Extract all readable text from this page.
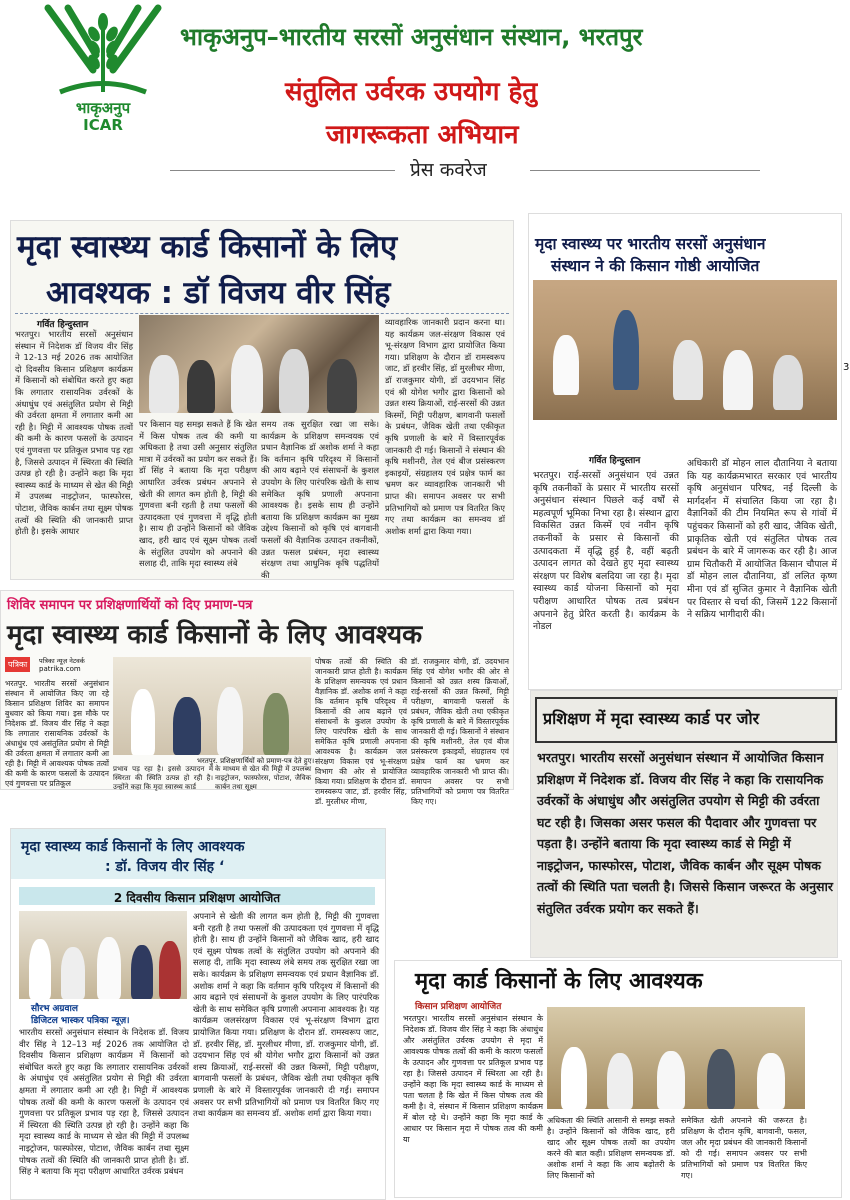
भाकृअनुप
ICAR
भाकृअनुप–भारतीय सरसों अनुसंधान संस्थान, भरतपुर
संतुलित उर्वरक उपयोग हेतु
जागरूकता अभियान
प्रेस कवरेज
मृदा स्वास्थ्य कार्ड किसानों के लिए
आवश्यक : डॉ विजय वीर सिंह
गर्वित हिन्दुस्तान
भरतपुर। भारतीय सरसों अनुसंधान संस्थान में निदेशक डॉ विजय वीर सिंह ने 12-13 मई 2026 तक आयोजित दो दिवसीय किसान प्रशिक्षण कार्यक्रम में किसानों को संबोधित करते हुए कहा कि लगातार रासायनिक उर्वरकों के अंधाधुंध एवं असंतुलित प्रयोग से मिट्टी की उर्वरता क्षमता में लगातार कमी आ रही है। मिट्टी में आवश्यक पोषक तत्वों की कमी के कारण फसलों के उत्पादन एवं गुणवत्ता पर प्रतिकूल प्रभाव पड़ रहा है, जिससे उत्पादन में स्थिरता की स्थिति उत्पन्न हो रही है। उन्होंने कहा कि मृदा स्वास्थ्य कार्ड के माध्यम से खेत की मिट्टी में उपलब्ध नाइट्रोजन, फास्फोरस, पोटाश, जैविक कार्बन तथा सूक्ष्म पोषक तत्वों की स्थिति की जानकारी प्राप्त होती है। इसके आधार
पर किसान यह समझ सकते हैं कि खेत में किस पोषक तत्व की कमी या अधिकता है तथा उसी अनुसार संतुलित मात्रा में उर्वरकों का प्रयोग कर सकते हैं। डॉ सिंह ने बताया कि मृदा परीक्षण आधारित उर्वरक प्रबंधन अपनाने से खेती की लागत कम होती है, मिट्टी की गुणवत्ता बनी रहती है तथा फसलों की उत्पादकता एवं गुणवत्ता में वृद्धि होती है। साथ ही उन्होंने किसानों को जैविक खाद, हरी खाद एवं सूक्ष्म पोषक तत्वों के संतुलित उपयोग को अपनाने की सलाह दी, ताकि मृदा स्वास्थ्य लंबे
समय तक सुरक्षित रखा जा सके। कार्यक्रम के प्रशिक्षण समन्वयक एवं प्रधान वैज्ञानिक डॉ अशोक शर्मा ने कहा कि वर्तमान कृषि परिदृश्य में किसानों की आय बढ़ाने एवं संसाधनों के कुशल उपयोग के लिए पारंपरिक खेती के साथ समेकित कृषि प्रणाली अपनाना आवश्यक है। इसके साथ ही उन्होंने बताया कि प्रशिक्षण कार्यक्रम का मुख्य उद्देश्य किसानों को कृषि एवं बागवानी फसलों की वैज्ञानिक उत्पादन तकनीकों, उन्नत फसल प्रबंधन, मृदा स्वास्थ्य संरक्षण तथा आधुनिक कृषि पद्धतियों की
व्यावहारिक जानकारी प्रदान करना था। यह कार्यक्रम जल-संरक्षण विकास एवं भू-संरक्षण विभाग द्वारा प्रायोजित किया गया। प्रशिक्षण के दौरान डॉ रामस्वरूप जाट, डॉ हरवीर सिंह, डॉ मुरलीधर मीणा, डॉ राजकुमार योगी, डॉ उदयभान सिंह एवं श्री योगेश भगौर द्वारा किसानों को उन्नत शस्य क्रियाओं, राई-सरसों की उन्नत किस्मों, मिट्टी परीक्षण, बागवानी फसलों के प्रबंधन, जैविक खेती तथा एकीकृत कृषि प्रणाली के बारे में विस्तारपूर्वक जानकारी दी गई। किसानों ने संस्थान की कृषि मशीनरी, तेल एवं बीज प्रसंस्करण इकाइयों, संग्रहालय एवं प्रक्षेत्र फार्म का भ्रमण कर व्यावहारिक जानकारी भी प्राप्त की। समापन अवसर पर सभी प्रतिभागियों को प्रमाण पत्र वितरित किए गए तथा कार्यक्रम का समन्वय डॉ अशोक शर्मा द्वारा किया गया।
मृदा स्वास्थ्य पर भारतीय सरसों अनुसंधान
संस्थान ने की किसान गोष्ठी आयोजित
गर्वित हिन्दुस्तान
भरतपुर। राई-सरसों अनुसंधान एवं उन्नत कृषि तकनीकों के प्रसार में भारतीय सरसों अनुसंधान संस्थान पिछले कई वर्षों से महत्वपूर्ण भूमिका निभा रहा है। संस्थान द्वारा विकसित उन्नत किस्में एवं नवीन कृषि तकनीकों के प्रसार से किसानों की उत्पादकता में वृद्धि हुई है, वहीं बढ़ती उत्पादन लागत को देखते हुए मृदा स्वास्थ्य संरक्षण पर विशेष बलदिया जा रहा है। मृदा स्वास्थ्य कार्ड योजना किसानों को मृदा परीक्षण आधारित पोषक तत्व प्रबंधन अपनाने हेतु प्रेरित करती है। कार्यक्रम के नोडल
अधिकारी डॉ मोहन लाल दौतानिया ने बताया कि यह कार्यक्रमभारत सरकार एवं भारतीय कृषि अनुसंधान परिषद, नई दिल्ली के मार्गदर्शन में संचालित किया जा रहा है। वैज्ञानिकों की टीम नियमित रूप से गांवों में पहुंचकर किसानों को हरी खाद, जैविक खेती, प्राकृतिक खेती एवं संतुलित पोषक तत्व प्रबंधन के बारे में जागरूक कर रही है। आज ग्राम चितौकरी में आयोजित किसान चौपाल में डॉ मोहन लाल दौतानिया, डॉ ललित कृष्ण मीना एवं डॉ सुजित कुमार ने वैज्ञानिक खेती पर विस्तार से चर्चा की, जिसमें 122 किसानों ने सक्रिय भागीदारी की।
3
शिविर समापन पर प्रशिक्षणार्थियों को दिए प्रमाण-पत्र
मृदा स्वास्थ्य कार्ड किसानों के लिए आवश्यक
पत्रिका	पत्रिका न्यूज़ नेटवर्क
patrika.com
भरतपुर. भारतीय सरसों अनुसंधान संस्थान में आयोजित किए जा रहे किसान प्रशिक्षण शिविर का समापन बुधवार को किया गया। इस मौके पर निदेशक डॉ. विजय वीर सिंह ने कहा कि लगातार रासायनिक उर्वरकों के अंधाधुंध एवं असंतुलित प्रयोग से मिट्टी की उर्वरता क्षमता में लगातार कमी आ रही है। मिट्टी में आवश्यक पोषक तत्वों की कमी के कारण फसलों के उत्पादन एवं गुणवत्ता पर प्रतिकूल
भरतपुर. प्रशिक्षणार्थियों को प्रमाण-पत्र देते हुए।
प्रभाव पड़ रहा है। इससे उत्पादन में स्थिरता की स्थिति उत्पन्न हो रही है। उन्होंने कहा कि मृदा स्वास्थ्य कार्ड
के माध्यम से खेत की मिट्टी में उपलब्ध नाइट्रोजन, फास्फोरस, पोटाश, जैविक कार्बन तथा सूक्ष्म
पोषक तत्वों की स्थिति की जानकारी प्राप्त होती है। कार्यक्रम के प्रशिक्षण समन्वयक एवं प्रधान वैज्ञानिक डॉ. अशोक शर्मा ने कहा कि वर्तमान कृषि परिदृश्य में किसानों की आय बढ़ाने एवं संसाधनों के कुशल उपयोग के लिए पारंपरिक खेती के साथ समेकित कृषि प्रणाली अपनाना आवश्यक है। कार्यक्रम जल संरक्षण विकास एवं भू-संरक्षण विभाग की ओर से प्रायोजित किया गया। प्रशिक्षण के दौरान डॉ. रामस्वरूप जाट, डॉ. हरवीर सिंह, डॉ. मुरलीधर मीणा,
डॉ. राजकुमार योगी, डॉ. उदयभान सिंह एवं योगेश भगौर की ओर से किसानों को उन्नत शस्य क्रियाओं, राई-सरसों की उन्नत किस्मों, मिट्टी परीक्षण, बागवानी फसलों के प्रबंधन, जैविक खेती तथा एकीकृत कृषि प्रणाली के बारे में विस्तारपूर्वक जानकारी दी गई। किसानों ने संस्थान की कृषि मशीनरी, तेल एवं बीज प्रसंस्करण इकाइयों, संग्रहालय एवं प्रक्षेत्र फार्म का भ्रमण कर व्यावहारिक जानकारी भी प्राप्त की। समापन अवसर पर सभी प्रतिभागियों को प्रमाण पत्र वितरित किए गए।
प्रशिक्षण में मृदा स्वास्थ्य कार्ड पर जोर
भरतपुर। भारतीय सरसों अनुसंधान संस्थान में आयोजित किसान प्रशिक्षण में निदेशक डॉ. विजय वीर सिंह ने कहा कि रासायनिक उर्वरकों के अंधाधुंध और असंतुलित उपयोग से मिट्टी की उर्वरता घट रही है। जिसका असर फसल की पैदावार और गुणवत्ता पर पड़ता है। उन्होंने बताया कि मृदा स्वास्थ्य कार्ड से मिट्टी में नाइट्रोजन, फास्फोरस, पोटाश, जैविक कार्बन और सूक्ष्म पोषक तत्वों की स्थिति पता चलती है। जिससे किसान जरूरत के अनुसार संतुलित उर्वरक प्रयोग कर सकते हैं।
मृदा स्वास्थ्य कार्ड किसानों के लिए आवश्यक
: डॉ. विजय वीर सिंह ‘
2 दिवसीय किसान प्रशिक्षण आयोजित
सौरभ अग्रवाल
डिजिटल भास्कर पत्रिका न्यूज़।
भारतीय सरसों अनुसंधान संस्थान के निदेशक डॉ. विजय वीर सिंह ने 12–13 मई 2026 तक आयोजित दो दिवसीय किसान प्रशिक्षण कार्यक्रम में किसानों को संबोधित करते हुए कहा कि लगातार रासायनिक उर्वरकों के अंधाधुंध एवं असंतुलित प्रयोग से मिट्टी की उर्वरता क्षमता में लगातार कमी आ रही है। मिट्टी में आवश्यक पोषक तत्वों की कमी के कारण फसलों के उत्पादन एवं गुणवत्ता पर प्रतिकूल प्रभाव पड़ रहा है, जिससे उत्पादन में स्थिरता की स्थिति उत्पन्न हो रही है। उन्होंने कहा कि मृदा स्वास्थ्य कार्ड के माध्यम से खेत की मिट्टी में उपलब्ध नाइट्रोजन, फास्फोरस, पोटाश, जैविक कार्बन तथा सूक्ष्म पोषक तत्वों की स्थिति की जानकारी प्राप्त होती है। डॉ. सिंह ने बताया कि मृदा परीक्षण आधारित उर्वरक प्रबंधन
अपनाने से खेती की लागत कम होती है, मिट्टी की गुणवत्ता बनी रहती है तथा फसलों की उत्पादकता एवं गुणवत्ता में वृद्धि होती है। साथ ही उन्होंने किसानों को जैविक खाद, हरी खाद एवं सूक्ष्म पोषक तत्वों के संतुलित उपयोग को अपनाने की सलाह दी, ताकि मृदा स्वास्थ्य लंबे समय तक सुरक्षित रखा जा सके। कार्यक्रम के प्रशिक्षण समन्वयक एवं प्रधान वैज्ञानिक डॉ. अशोक शर्मा ने कहा कि वर्तमान कृषि परिदृश्य में किसानों की आय बढ़ाने एवं संसाधनों के कुशल उपयोग के लिए पारंपरिक खेती के साथ समेकित कृषि प्रणाली अपनाना आवश्यक है। यह कार्यक्रम जलसंरक्षण विकास एवं भू-संरक्षण विभाग द्वारा प्रायोजित किया गया। प्रशिक्षण के दौरान डॉ. रामस्वरूप जाट, डॉ. हरवीर सिंह, डॉ. मुरलीधर मीणा, डॉ. राजकुमार योगी, डॉ. उदयभान सिंह एवं श्री योगेश भगौर द्वारा किसानों को उन्नत शस्य क्रियाओं, राई-सरसों की उन्नत किस्मों, मिट्टी परीक्षण, बागवानी फसलों के प्रबंधन, जैविक खेती तथा एकीकृत कृषि प्रणाली के बारे में विस्तारपूर्वक जानकारी दी गई। समापन अवसर पर सभी प्रतिभागियों को प्रमाण पत्र वितरित किए गए तथा कार्यक्रम का समन्वय डॉ. अशोक शर्मा द्वारा किया गया।
मृदा कार्ड किसानों के लिए आवश्यक
किसान प्रशिक्षण आयोजित
भरतपुर। भारतीय सरसों अनुसंधान संस्थान के निदेशक डॉ. विजय वीर सिंह ने कहा कि अंधाधुंध और असंतुलित उर्वरक उपयोग से मृदा में आवश्यक पोषक तत्वों की कमी के कारण फसलों के उत्पादन और गुणवत्ता पर प्रतिकूल प्रभाव पड़ रहा है। जिससे उत्पादन में स्थिरता आ रही है। उन्होंने कहा कि मृदा स्वास्थ्य कार्ड के माध्यम से पता चलता है कि खेत में किस पोषक तत्व की कमी है। वे, संस्थान में किसान प्रशिक्षण कार्यक्रम में बोल रहे थे। उन्होंने कहा कि मृदा कार्ड के आधार पर किसान मृदा में पोषक तत्व की कमी या
अधिकता की स्थिति आसानी से समझ सकते है। उन्होंने किसानों को जैविक खाद, हरी खाद और सूक्ष्म पोषक तत्वों का उपयोग करने की बात कही। प्रशिक्षण समन्वयक डॉ. अशोक शर्मा ने कहा कि आय बढ़ोतरी के लिए किसानों को
समेकित खेती अपनाने की जरूरत है। प्रशिक्षण के दौरान कृषि, बागवानी, फसल, जल और मृदा प्रबंधन की जानकारी किसानों को दी गई। समापन अवसर पर सभी प्रतिभागियों को प्रमाण पत्र वितरित किए गए।
